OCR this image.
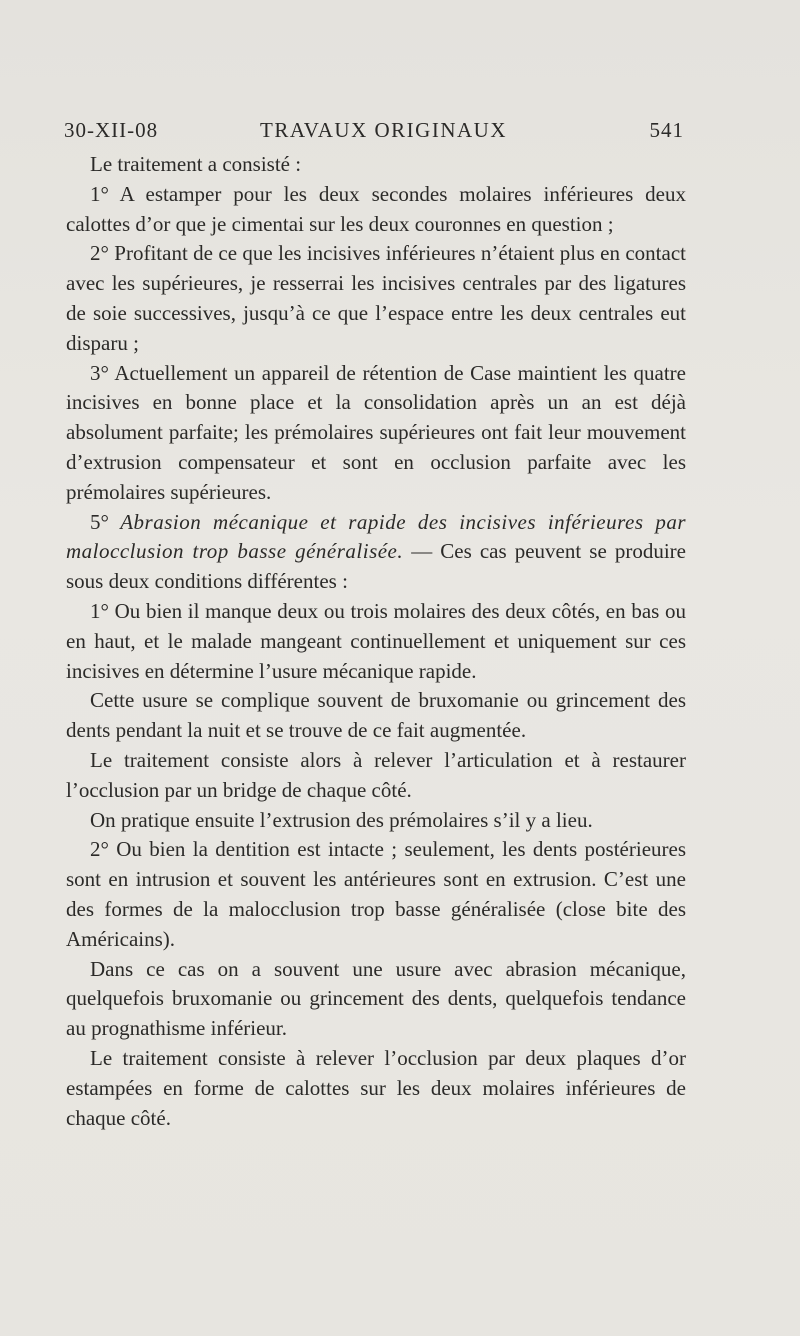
30-XII-08	TRAVAUX ORIGINAUX	541

Le traitement a consisté :

1° A estamper pour les deux secondes molaires inférieures deux calottes d’or que je cimentai sur les deux couronnes en question ;

2° Profitant de ce que les incisives inférieures n’étaient plus en contact avec les supérieures, je resserrai les incisives centrales par des ligatures de soie successives, jusqu’à ce que l’espace entre les deux centrales eut disparu ;

3° Actuellement un appareil de rétention de Case maintient les quatre incisives en bonne place et la consolidation après un an est déjà absolument parfaite; les prémolaires supérieures ont fait leur mouvement d’extrusion compensateur et sont en occlusion parfaite avec les prémolaires supérieures.

5° Abrasion mécanique et rapide des incisives inférieures par malocclusion trop basse généralisée. — Ces cas peuvent se produire sous deux conditions différentes :

1° Ou bien il manque deux ou trois molaires des deux côtés, en bas ou en haut, et le malade mangeant continuellement et uniquement sur ces incisives en détermine l’usure mécanique rapide.

Cette usure se complique souvent de bruxomanie ou grincement des dents pendant la nuit et se trouve de ce fait augmentée.

Le traitement consiste alors à relever l’articulation et à restaurer l’occlusion par un bridge de chaque côté.

On pratique ensuite l’extrusion des prémolaires s’il y a lieu.

2° Ou bien la dentition est intacte ; seulement, les dents postérieures sont en intrusion et souvent les antérieures sont en extrusion. C’est une des formes de la malocclusion trop basse généralisée (close bite des Américains).

Dans ce cas on a souvent une usure avec abrasion mécanique, quelquefois bruxomanie ou grincement des dents, quelquefois tendance au prognathisme inférieur.

Le traitement consiste à relever l’occlusion par deux plaques d’or estampées en forme de calottes sur les deux molaires inférieures de chaque côté.
